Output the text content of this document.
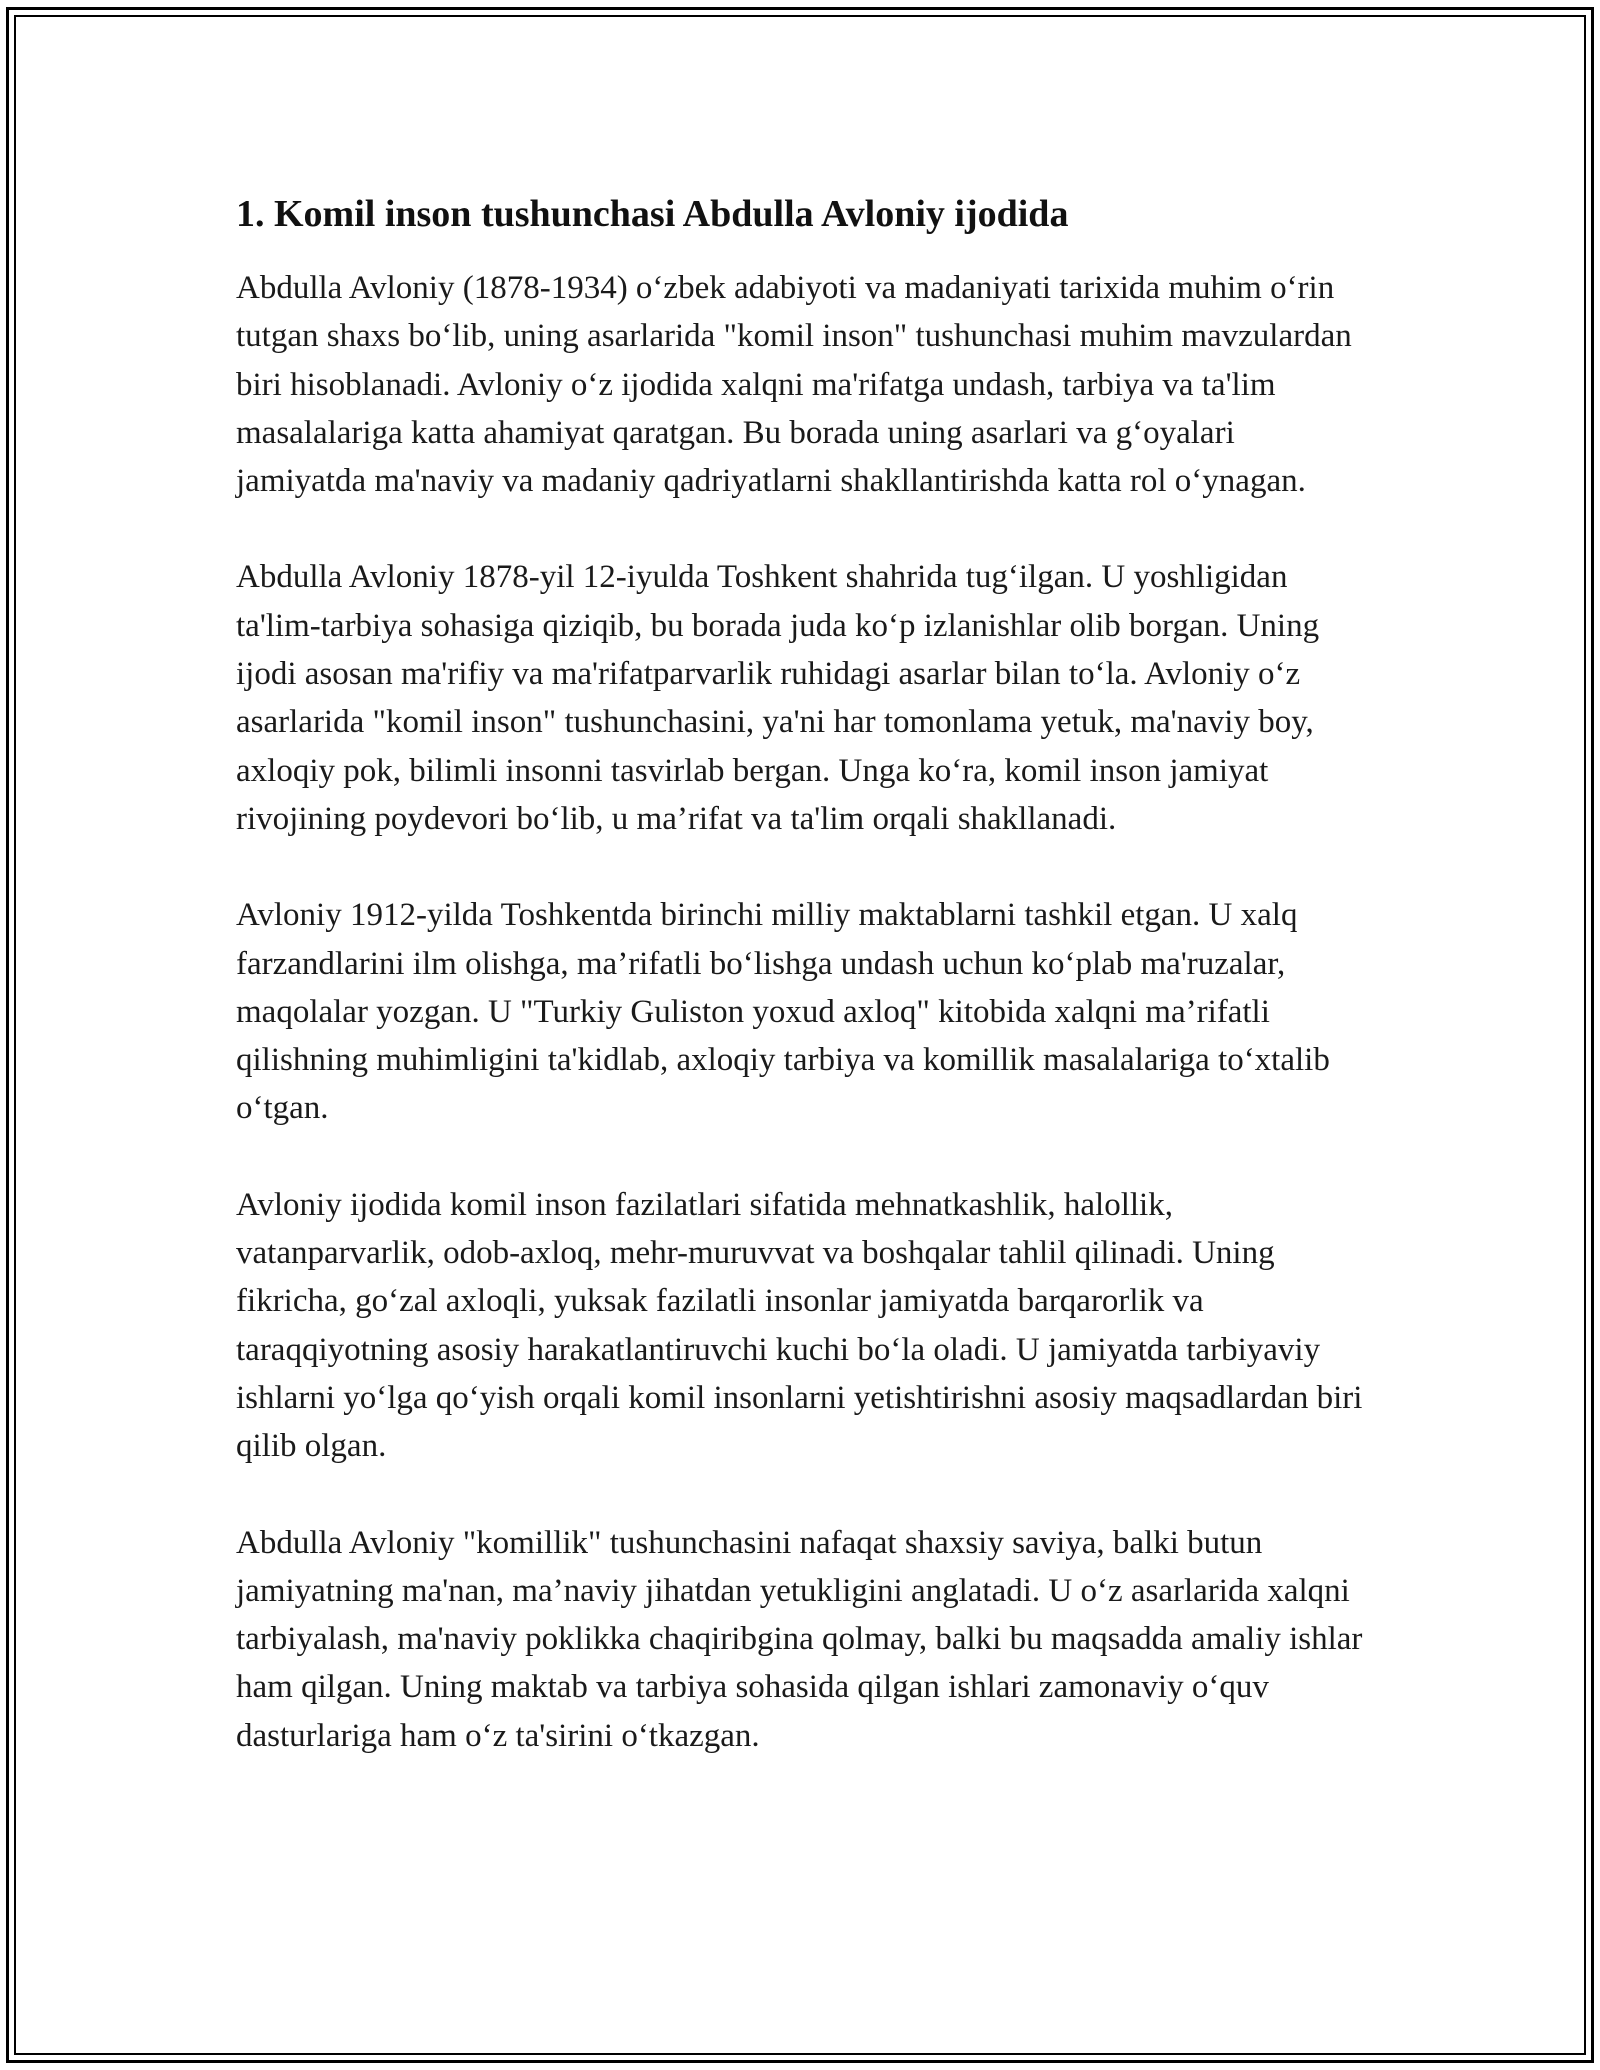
1. Komil inson tushunchasi Abdulla Avloniy ijodida

Abdulla Avloniy (1878-1934) o‘zbek adabiyoti va madaniyati tarixida muhim o‘rin tutgan shaxs bo‘lib, uning asarlarida "komil inson" tushunchasi muhim mavzulardan biri hisoblanadi. Avloniy o‘z ijodida xalqni ma'rifatga undash, tarbiya va ta'lim masalalariga katta ahamiyat qaratgan. Bu borada uning asarlari va g‘oyalari jamiyatda ma'naviy va madaniy qadriyatlarni shakllantirishda katta rol o‘ynagan.

Abdulla Avloniy 1878-yil 12-iyulda Toshkent shahrida tug‘ilgan. U yoshligidan ta'lim-tarbiya sohasiga qiziqib, bu borada juda ko‘p izlanishlar olib borgan. Uning ijodi asosan ma'rifiy va ma'rifatparvarlik ruhidagi asarlar bilan to‘la. Avloniy o‘z asarlarida "komil inson" tushunchasini, ya'ni har tomonlama yetuk, ma'naviy boy, axloqiy pok, bilimli insonni tasvirlab bergan. Unga ko‘ra, komil inson jamiyat rivojining poydevori bo‘lib, u ma’rifat va ta'lim orqali shakllanadi.

Avloniy 1912-yilda Toshkentda birinchi milliy maktablarni tashkil etgan. U xalq farzandlarini ilm olishga, ma’rifatli bo‘lishga undash uchun ko‘plab ma'ruzalar, maqolalar yozgan. U "Turkiy Guliston yoxud axloq" kitobida xalqni ma’rifatli qilishning muhimligini ta'kidlab, axloqiy tarbiya va komillik masalalariga to‘xtalib o‘tgan.

Avloniy ijodida komil inson fazilatlari sifatida mehnatkashlik, halollik, vatanparvarlik, odob-axloq, mehr-muruvvat va boshqalar tahlil qilinadi. Uning fikricha, go‘zal axloqli, yuksak fazilatli insonlar jamiyatda barqarorlik va taraqqiyotning asosiy harakatlantiruvchi kuchi bo‘la oladi. U jamiyatda tarbiyaviy ishlarni yo‘lga qo‘yish orqali komil insonlarni yetishtirishni asosiy maqsadlardan biri qilib olgan.

Abdulla Avloniy "komillik" tushunchasini nafaqat shaxsiy saviya, balki butun jamiyatning ma'nan, ma’naviy jihatdan yetukligini anglatadi. U o‘z asarlarida xalqni tarbiyalash, ma'naviy poklikka chaqiribgina qolmay, balki bu maqsadda amaliy ishlar ham qilgan. Uning maktab va tarbiya sohasida qilgan ishlari zamonaviy o‘quv dasturlariga ham o‘z ta'sirini o‘tkazgan.
